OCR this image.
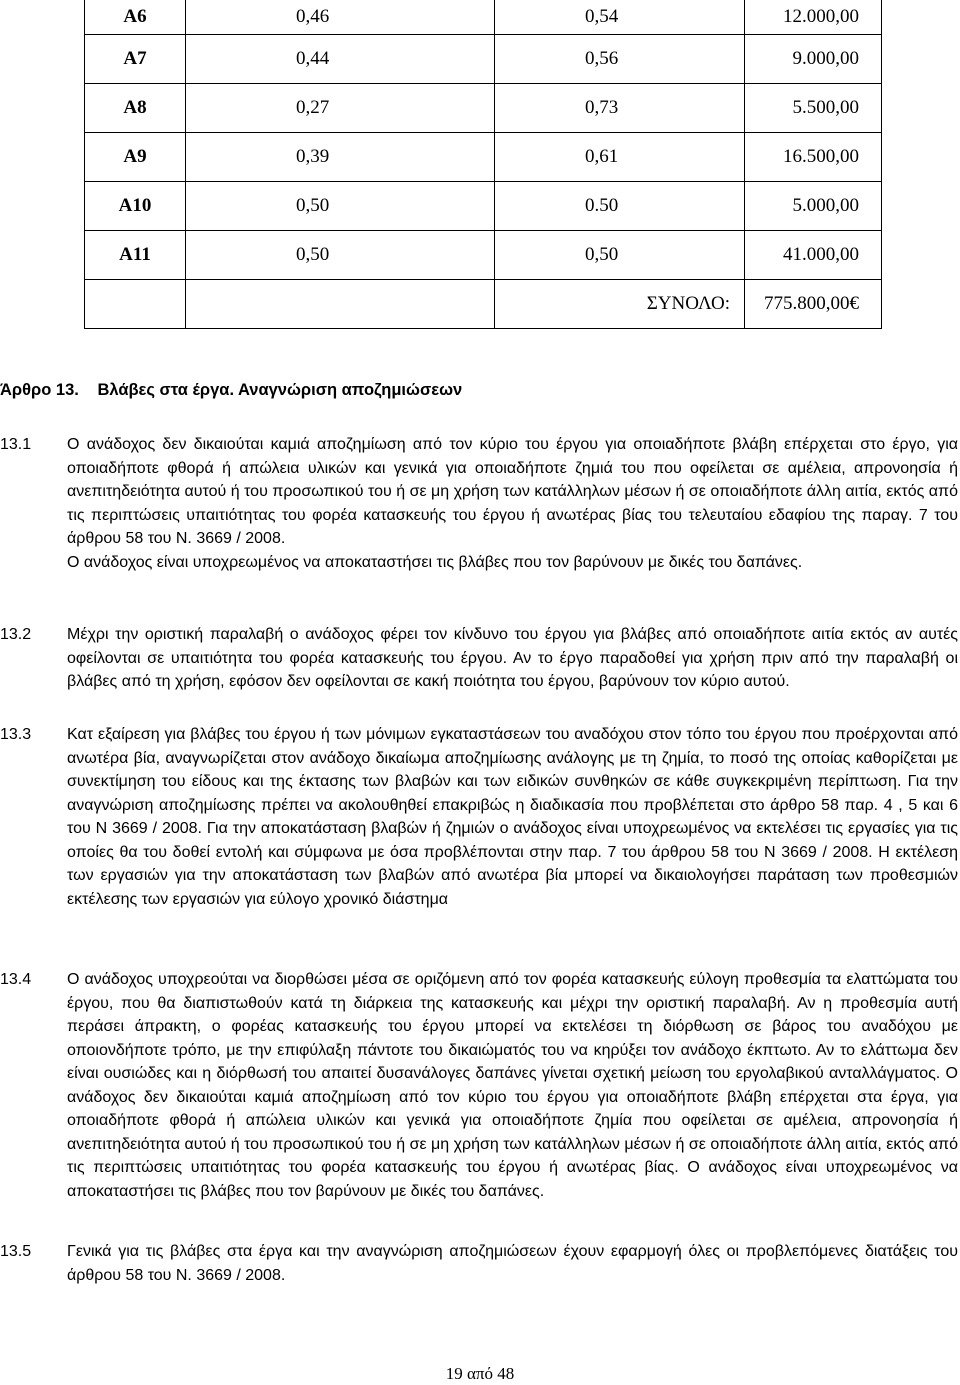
A6	0,46	0,54	12.000,00
A7	0,44	0,56	9.000,00
A8	0,27	0,73	5.500,00
A9	0,39	0,61	16.500,00
A10	0,50	0.50	5.000,00
A11	0,50	0,50	41.000,00
		ΣΥΝΟΛΟ:	775.800,00€
Άρθρο 13. Βλάβες στα έργα. Αναγνώριση αποζημιώσεων
13.1 Ο ανάδοχος δεν δικαιούται καμιά αποζημίωση από τον κύριο του έργου για οποιαδήποτε βλάβη επέρχεται στο έργο, για οποιαδήποτε φθορά ή απώλεια υλικών και γενικά για οποιαδήποτε ζημιά του που οφείλεται σε αμέλεια, απρονοησία ή ανεπιτηδειότητα αυτού ή του προσωπικού του ή σε μη χρήση των κατάλληλων μέσων ή σε οποιαδήποτε άλλη αιτία, εκτός από τις περιπτώσεις υπαιτιότητας του φορέα κατασκευής του έργου ή ανωτέρας βίας του τελευταίου εδαφίου της παραγ. 7 του άρθρου 58 του Ν. 3669 / 2008.

Ο ανάδοχος είναι υποχρεωμένος να αποκαταστήσει τις βλάβες που τον βαρύνουν με δικές του δαπάνες.

13.2 Μέχρι την οριστική παραλαβή ο ανάδοχος φέρει τον κίνδυνο του έργου για βλάβες από οποιαδήποτε αιτία εκτός αν αυτές οφείλονται σε υπαιτιότητα του φορέα κατασκευής του έργου. Αν το έργο παραδοθεί για χρήση πριν από την παραλαβή οι βλάβες από τη χρήση, εφόσον δεν οφείλονται σε κακή ποιότητα του έργου, βαρύνουν τον κύριο αυτού.

13.3 Κατ εξαίρεση για βλάβες του έργου ή των μόνιμων εγκαταστάσεων του αναδόχου στον τόπο του έργου που προέρχονται από ανωτέρα βία, αναγνωρίζεται στον ανάδοχο δικαίωμα αποζημίωσης ανάλογης με τη ζημία, το ποσό της οποίας καθορίζεται με συνεκτίμηση του είδους και της έκτασης των βλαβών και των ειδικών συνθηκών σε κάθε συγκεκριμένη περίπτωση. Για την αναγνώριση αποζημίωσης πρέπει να ακολουθηθεί επακριβώς η διαδικασία που προβλέπεται στο άρθρο 58 παρ. 4 , 5 και 6 του Ν 3669 / 2008. Για την αποκατάσταση βλαβών ή ζημιών ο ανάδοχος είναι υποχρεωμένος να εκτελέσει τις εργασίες για τις οποίες θα του δοθεί εντολή και σύμφωνα με όσα προβλέπονται στην παρ. 7 του άρθρου 58 του Ν 3669 / 2008. Η εκτέλεση των εργασιών για την αποκατάσταση των βλαβών από ανωτέρα βία μπορεί να δικαιολογήσει παράταση των προθεσμιών εκτέλεσης των εργασιών για εύλογο χρονικό διάστημα

13.4 Ο ανάδοχος υποχρεούται να διορθώσει μέσα σε οριζόμενη από τον φορέα κατασκευής εύλογη προθεσμία τα ελαττώματα του έργου, που θα διαπιστωθούν κατά τη διάρκεια της κατασκευής και μέχρι την οριστική παραλαβή. Αν η προθεσμία αυτή περάσει άπρακτη, ο φορέας κατασκευής του έργου μπορεί να εκτελέσει τη διόρθωση σε βάρος του αναδόχου με οποιονδήποτε τρόπο, με την επιφύλαξη πάντοτε του δικαιώματός του να κηρύξει τον ανάδοχο έκπτωτο. Αν το ελάττωμα δεν είναι ουσιώδες και η διόρθωσή του απαιτεί δυσανάλογες δαπάνες γίνεται σχετική μείωση του εργολαβικού ανταλλάγματος. Ο ανάδοχος δεν δικαιούται καμιά αποζημίωση από τον κύριο του έργου για οποιαδήποτε βλάβη επέρχεται στα έργα, για οποιαδήποτε φθορά ή απώλεια υλικών και γενικά για οποιαδήποτε ζημία που οφείλεται σε αμέλεια, απρονοησία ή ανεπιτηδειότητα αυτού ή του προσωπικού του ή σε μη χρήση των κατάλληλων μέσων ή σε οποιαδήποτε άλλη αιτία, εκτός από τις περιπτώσεις υπαιτιότητας του φορέα κατασκευής του έργου ή ανωτέρας βίας. Ο ανάδοχος είναι υποχρεωμένος να αποκαταστήσει τις βλάβες που τον βαρύνουν με δικές του δαπάνες.

13.5 Γενικά για τις βλάβες στα έργα και την αναγνώριση αποζημιώσεων έχουν εφαρμογή όλες οι προβλεπόμενες διατάξεις του άρθρου 58 του Ν. 3669 / 2008.

19 από 48
